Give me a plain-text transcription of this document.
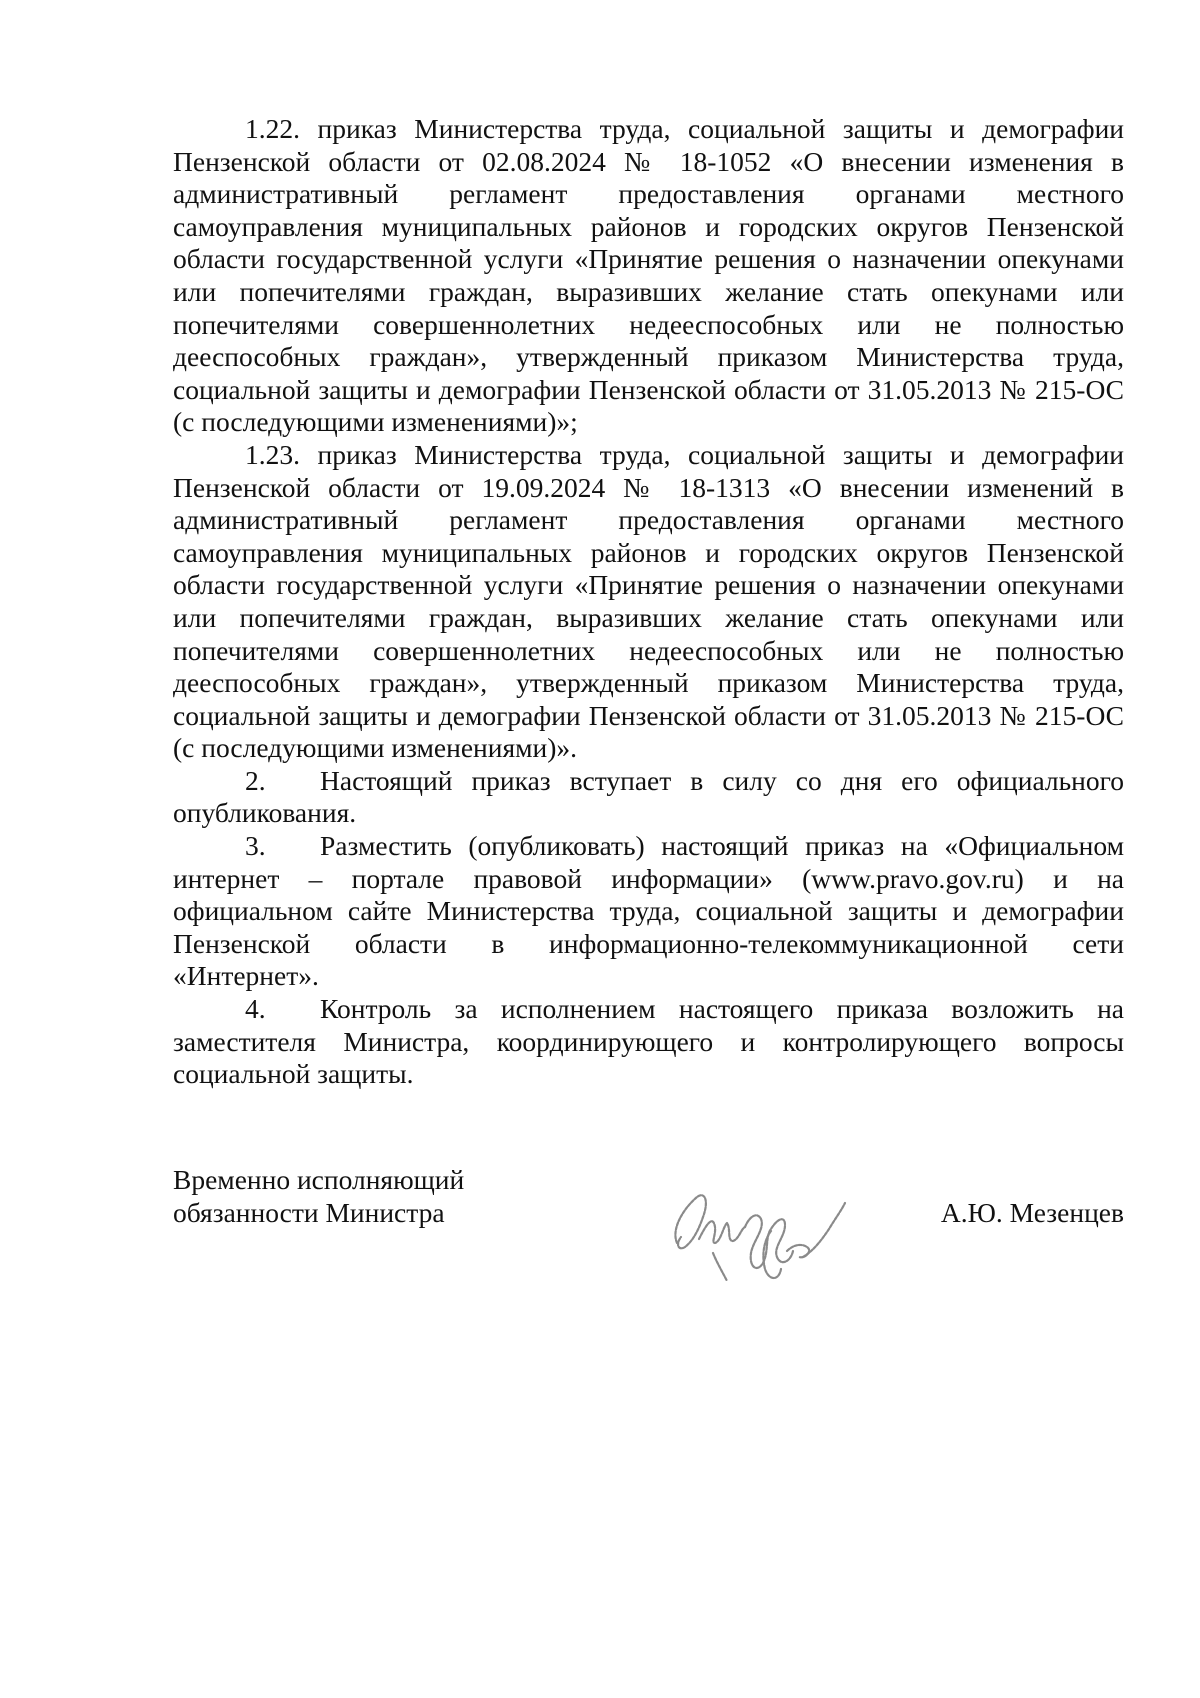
1.22. приказ Министерства труда, социальной защиты и демографии Пензенской области от 02.08.2024 № 18-1052 «О внесении изменения в административный регламент предоставления органами местного самоуправления муниципальных районов и городских округов Пензенской области государственной услуги «Принятие решения о назначении опекунами или попечителями граждан, выразивших желание стать опекунами или попечителями совершеннолетних недееспособных или не полностью дееспособных граждан», утвержденный приказом Министерства труда, социальной защиты и демографии Пензенской области от 31.05.2013 № 215-ОС (с последующими изменениями)»;

1.23. приказ Министерства труда, социальной защиты и демографии Пензенской области от 19.09.2024 № 18-1313 «О внесении изменений в административный регламент предоставления органами местного самоуправления муниципальных районов и городских округов Пензенской области государственной услуги «Принятие решения о назначении опекунами или попечителями граждан, выразивших желание стать опекунами или попечителями совершеннолетних недееспособных или не полностью дееспособных граждан», утвержденный приказом Министерства труда, социальной защиты и демографии Пензенской области от 31.05.2013 № 215-ОС (с последующими изменениями)».

2. Настоящий приказ вступает в силу со дня его официального опубликования.

3. Разместить (опубликовать) настоящий приказ на «Официальном интернет – портале правовой информации» (www.pravo.gov.ru) и на официальном сайте Министерства труда, социальной защиты и демографии Пензенской области в информационно-телекоммуникационной сети «Интернет».

4. Контроль за исполнением настоящего приказа возложить на заместителя Министра, координирующего и контролирующего вопросы социальной защиты.

Временно исполняющий
обязанности Министра	А.Ю. Мезенцев
